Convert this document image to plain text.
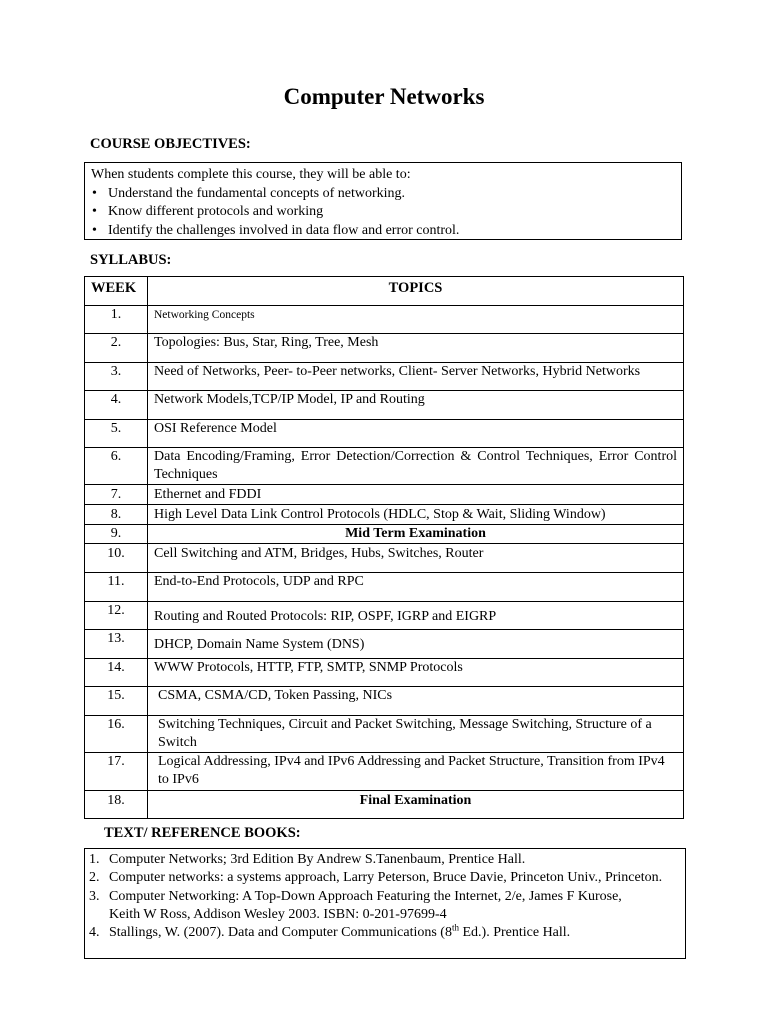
Computer Networks
COURSE OBJECTIVES:
When students complete this course, they will be able to:
• Understand the fundamental concepts of networking.
• Know different protocols and working
• Identify the challenges involved in data flow and error control.
SYLLABUS:
WEEK	TOPICS
1.	Networking Concepts
2.	Topologies: Bus, Star, Ring, Tree, Mesh
3.	Need of Networks, Peer- to-Peer networks, Client- Server Networks, Hybrid Networks
4.	Network Models,TCP/IP Model, IP and Routing
5.	OSI Reference Model
6.	Data Encoding/Framing, Error Detection/Correction & Control Techniques, Error Control Techniques
7.	Ethernet and FDDI
8.	High Level Data Link Control Protocols (HDLC, Stop & Wait, Sliding Window)
9.	Mid Term Examination
10.	Cell Switching and ATM, Bridges, Hubs, Switches, Router
11.	End-to-End Protocols, UDP and RPC
12.	Routing and Routed Protocols: RIP, OSPF, IGRP and EIGRP
13.	DHCP, Domain Name System (DNS)
14.	WWW Protocols, HTTP, FTP, SMTP, SNMP Protocols
15.	CSMA, CSMA/CD, Token Passing, NICs
16.	Switching Techniques, Circuit and Packet Switching, Message Switching, Structure of a Switch
17.	Logical Addressing, IPv4 and IPv6 Addressing and Packet Structure, Transition from IPv4 to IPv6
18.	Final Examination
TEXT/ REFERENCE BOOKS:
1. Computer Networks; 3rd Edition By Andrew S.Tanenbaum, Prentice Hall.
2. Computer networks: a systems approach, Larry Peterson, Bruce Davie, Princeton Univ., Princeton.
3. Computer Networking: A Top-Down Approach Featuring the Internet, 2/e, James F Kurose, Keith W Ross, Addison Wesley 2003. ISBN: 0-201-97699-4
4. Stallings, W. (2007). Data and Computer Communications (8th Ed.). Prentice Hall.
